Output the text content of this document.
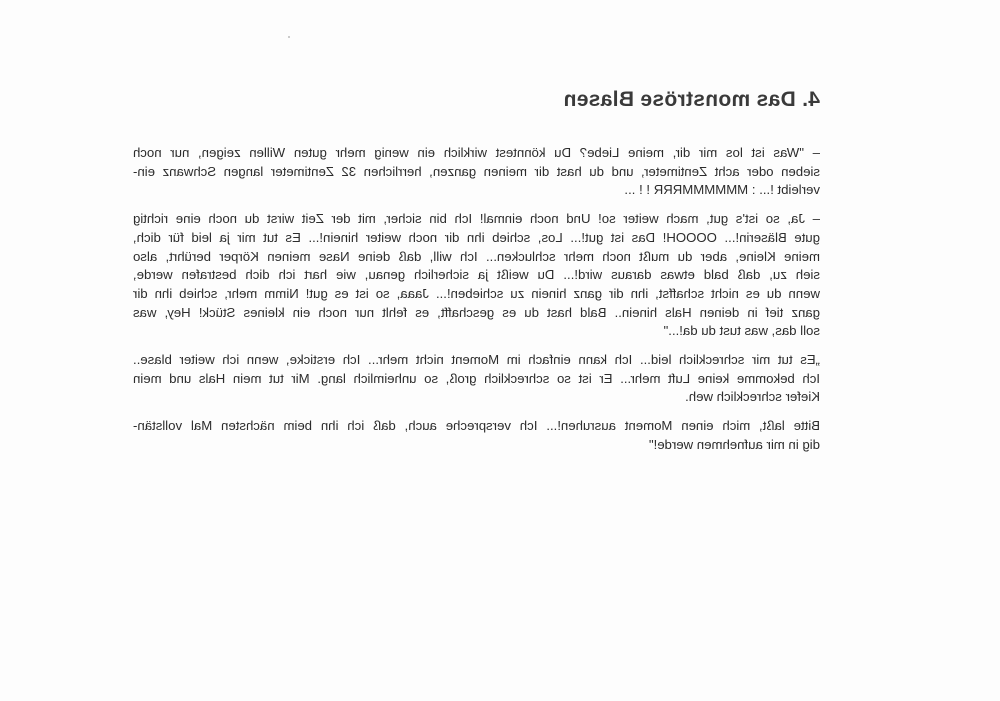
4. Das monströse Blasen

– "Was ist los mir dir, meine Liebe? Du könntest wirklich ein wenig mehr guten Willen zeigen, nur noch
sieben oder acht Zentimeter, und du hast dir meinen ganzen, herrlichen 32 Zentimeter langen Schwanz ein-
verleibt !... : MMMMMMRRR ! ! ...

– Ja, so ist's gut, mach weiter so! Und noch einmal! Ich bin sicher, mit der Zeit wirst du noch eine richtig
gute Bläserin!... OOOOH! Das ist gut!... Los, schieb ihn dir noch weiter hinein!... Es tut mir ja leid für dich,
meine Kleine, aber du mußt noch mehr schlucken... Ich will, daß deine Nase meinen Körper berührt, also
sieh zu, daß bald etwas daraus wird!... Du weißt ja sicherlich genau, wie hart ich dich bestrafen werde,
wenn du es nicht schaffst, ihn dir ganz hinein zu schieben!... Jaaa, so ist es gut! Nimm mehr, schieb ihn dir
ganz tief in deinen Hals hinein.. Bald hast du es geschafft, es fehlt nur noch ein kleines Stück! Hey, was
soll das, was tust du da!..."

„Es tut mir schrecklich leid... Ich kann einfach im Moment nicht mehr... Ich ersticke, wenn ich weiter blase..
Ich bekomme keine Luft mehr... Er ist so schrecklich groß, so unheimlich lang. Mir tut mein Hals und mein
Kiefer schrecklich weh.

Bitte laßt, mich einen Moment ausruhen!... Ich verspreche auch, daß ich ihn beim nächsten Mal vollstän-
dig in mir aufnehmen werde!"
